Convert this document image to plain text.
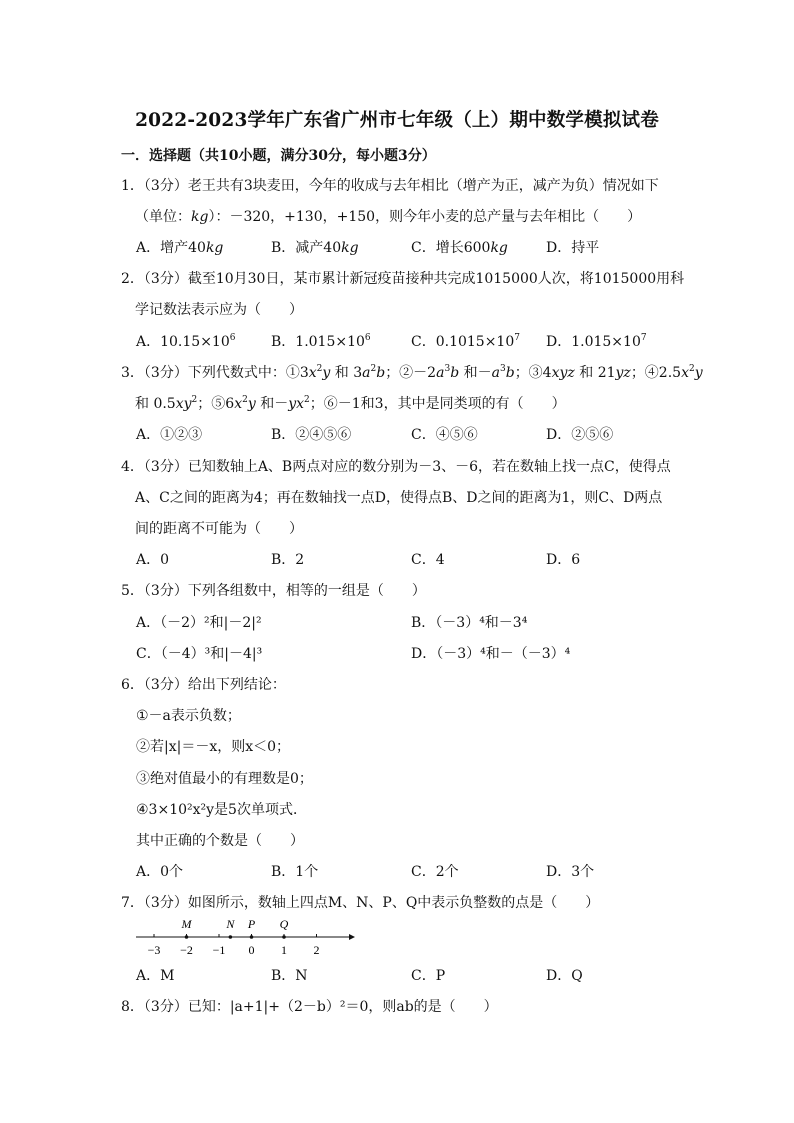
2022-2023学年广东省广州市七年级（上）期中数学模拟试卷
一．选择题（共10小题，满分30分，每小题3分）
1．（3分）老王共有3块麦田，今年的收成与去年相比（增产为正，减产为负）情况如下
（单位：kg）：－320，+130，+150，则今年小麦的总产量与去年相比（　　）
A．增产40kg	B．减产40kg	C．增长600kg	D．持平
2．（3分）截至10月30日，某市累计新冠疫苗接种共完成1015000人次，将1015000用科
学记数法表示应为（　　）
A．$10.15\times 10^6$	B．$1.015\times 10^6$	C．$0.1015\times 10^7$ D．$1.015\times 10^7$
3．（3分）下列代数式中：$①3x^2y$ 和 $3a^2b$；$②-2a^3b$ 和$-a^3b$；③4xyz 和 21yz；$④2.5x^2y$
和 $0.5xy^2$；$⑤6x^2y$ 和$-yx^2$；⑥－1和3，其中是同类项的有（　　）
A．①②③	B．②④⑤⑥	C．④⑤⑥	D．②⑤⑥
4．（3分）已知数轴上A、B两点对应的数分别为－3、－6，若在数轴上找一点C，使得点
A、C之间的距离为4；再在数轴找一点D，使得点B、D之间的距离为1，则C、D两点
间的距离不可能为（　　）
A．0	B．2	C．4	D．6
5．（3分）下列各组数中，相等的一组是（　　）
A．（－2）²和|－2|²	B．（－3）⁴和－3⁴
C．（－4）³和|－4|³	D．（－3）⁴和－（－3）⁴
6．（3分）给出下列结论：
①－a表示负数；
②若|x|＝－x，则x＜0；
③绝对值最小的有理数是0；
④3×10²x²y是5次单项式．
其中正确的个数是（　　）
A．0个	B．1个	C．2个	D．3个
7．（3分）如图所示，数轴上四点M、N、P、Q中表示负整数的点是（　　）
−3 −2 −1 0 1 2
M	N P Q
A．M	B．N	C．P	D．Q
8．（3分）已知：|a+1|+（2－b）²＝0，则ab的是（　　）
